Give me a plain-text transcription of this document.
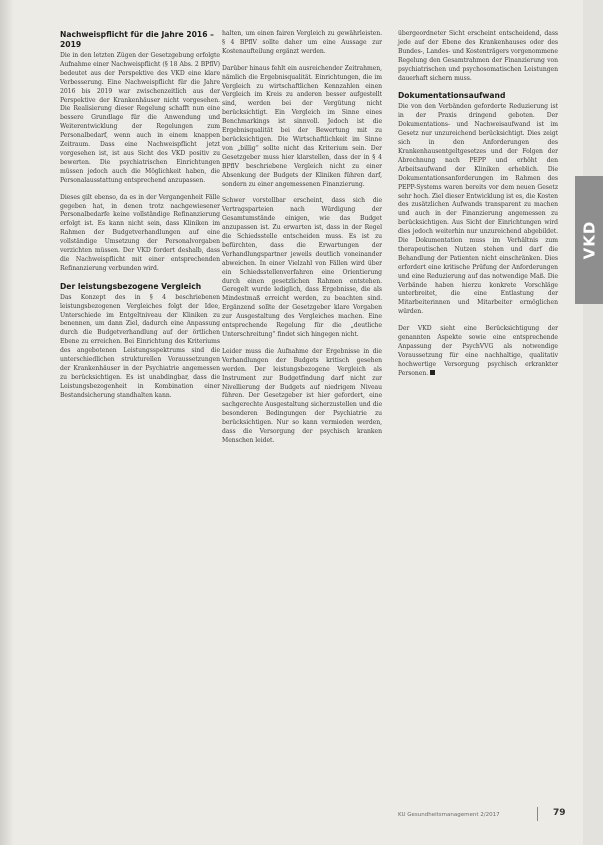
VKD
Nachweispflicht für die Jahre 2016 – 2019

Die in den letzten Zügen der Gesetzgebung erfolgte Aufnahme einer Nachweispflicht (§ 18 Abs. 2 BPflV) bedeutet aus der Perspektive des VKD eine klare Verbesserung. Eine Nachweispflicht für die Jahre 2016 bis 2019 war zwischenzeitlich aus der Perspektive der Krankenhäuser nicht vorgesehen. Die Realisierung dieser Regelung schafft nun eine bessere Grundlage für die Anwendung und Weiterentwicklung der Regelungen zum Personalbedarf, wenn auch in einem knappen Zeitraum. Dass eine Nachweispflicht jetzt vorgesehen ist, ist aus Sicht des VKD positiv zu bewerten. Die psychiatrischen Einrichtungen müssen jedoch auch die Möglichkeit haben, die Personalausstattung entsprechend anzupassen.

Dieses gilt ebenso, da es in der Vergangenheit Fälle gegeben hat, in denen trotz nachgewiesener Personalbedarfe keine vollständige Refinanzierung erfolgt ist. Es kann nicht sein, dass Kliniken im Rahmen der Budgetverhandlungen auf eine vollständige Umsetzung der Personalvorgaben verzichten müssen. Der VKD fordert deshalb, dass die Nachweispflicht mit einer entsprechenden Refinanzierung verbunden wird.

Der leistungsbezogene Vergleich

Das Konzept des in § 4 beschriebenen leistungsbezogenen Vergleiches folgt der Idee, Unterschiede im Entgeltniveau der Kliniken zu benennen, um dann Ziel, dadurch eine Anpassung durch die Budgetverhandlung auf der örtlichen Ebene zu erreichen. Bei Einrichtung des Kriteriums des angebotenen Leistungsspektrums sind die unterschiedlichen strukturellen Voraussetzungen der Krankenhäuser in der Psychiatrie angemessen zu berücksichtigen. Es ist unabdingbar, dass die Leistungsbezogenheit in Kombination einer Bestandsicherung standhalten kann.

halten, um einen fairen Vergleich zu gewährleisten. § 4 BPflV sollte daher um eine Aussage zur Kostenaufteilung ergänzt werden.

Darüber hinaus fehlt ein ausreichender Zeitrahmen, nämlich die Ergebnisqualität. Einrichtungen, die im Vergleich zu wirtschaftlichen Kennzahlen einen Vergleich im Kreis zu anderen besser aufgestellt sind, werden bei der Vergütung nicht berücksichtigt. Ein Vergleich im Sinne eines Benchmarkings ist sinnvoll. Jedoch ist die Ergebnisqualität bei der Bewertung mit zu berücksichtigen. Die Wirtschaftlichkeit im Sinne von „billig“ sollte nicht das Kriterium sein. Der Gesetzgeber muss hier klarstellen, dass der in § 4 BPflV beschriebene Vergleich nicht zu einer Absenkung der Budgets der Kliniken führen darf, sondern zu einer angemessenen Finanzierung.

Schwer vorstellbar erscheint, dass sich die Vertragsparteien nach Würdigung der Gesamtumstände einigen, wie das Budget anzupassen ist. Zu erwarten ist, dass in der Regel die Schiedsstelle entscheiden muss. Es ist zu befürchten, dass die Erwartungen der Verhandlungspartner jeweils deutlich voneinander abweichen. In einer Vielzahl von Fällen wird über ein Schiedsstellenverfahren eine Orientierung durch einen gesetzlichen Rahmen entstehen. Geregelt wurde lediglich, dass Ergebnisse, die als Mindestmaß erreicht werden, zu beachten sind. Ergänzend sollte der Gesetzgeber klare Vorgaben zur Ausgestaltung des Vergleiches machen. Eine entsprechende Regelung für die „deutliche Unterschreitung“ findet sich hingegen nicht.

Leider muss die Aufnahme der Ergebnisse in die Verhandlungen der Budgets kritisch gesehen werden. Der leistungsbezogene Vergleich als Instrument zur Budgetfindung darf nicht zur Nivellierung der Budgets auf niedrigem Niveau führen. Der Gesetzgeber ist hier gefordert, eine sachgerechte Ausgestaltung sicherzustellen und die besonderen Bedingungen der Psychiatrie zu berücksichtigen. Nur so kann vermieden werden, dass die Versorgung der psychisch kranken Menschen leidet.

übergeordneter Sicht erscheint entscheidend, dass jede auf der Ebene des Krankenhauses oder des Bundes-, Landes- und Kostenträgers vorgenommene Regelung den Gesamtrahmen der Finanzierung von psychiatrischen und psychosomatischen Leistungen dauerhaft sichern muss.

Dokumentationsaufwand

Die von den Verbänden geforderte Reduzierung ist in der Praxis dringend geboten. Der Dokumentations- und Nachweisaufwand ist im Gesetz nur unzureichend berücksichtigt. Dies zeigt sich in den Anforderungen des Krankenhausentgeltgesetzes und der Folgen der Abrechnung nach PEPP und erhöht den Arbeitsaufwand der Kliniken erheblich. Die Dokumentationsanforderungen im Rahmen des PEPP-Systems waren bereits vor dem neuen Gesetz sehr hoch. Ziel dieser Entwicklung ist es, die Kosten des zusätzlichen Aufwands transparent zu machen und auch in der Finanzierung angemessen zu berücksichtigen. Aus Sicht der Einrichtungen wird dies jedoch weiterhin nur unzureichend abgebildet. Die Dokumentation muss im Verhältnis zum therapeutischen Nutzen stehen und darf die Behandlung der Patienten nicht einschränken. Dies erfordert eine kritische Prüfung der Anforderungen und eine Reduzierung auf das notwendige Maß. Die Verbände haben hierzu konkrete Vorschläge unterbreitet, die eine Entlastung der Mitarbeiterinnen und Mitarbeiter ermöglichen würden.

Der VKD sieht eine Berücksichtigung der genannten Aspekte sowie eine entsprechende Anpassung der PsychVVG als notwendige Voraussetzung für eine nachhaltige, qualitativ hochwertige Versorgung psychisch erkrankter Personen.

KU Gesundheitsmanagement 2/2017	79
